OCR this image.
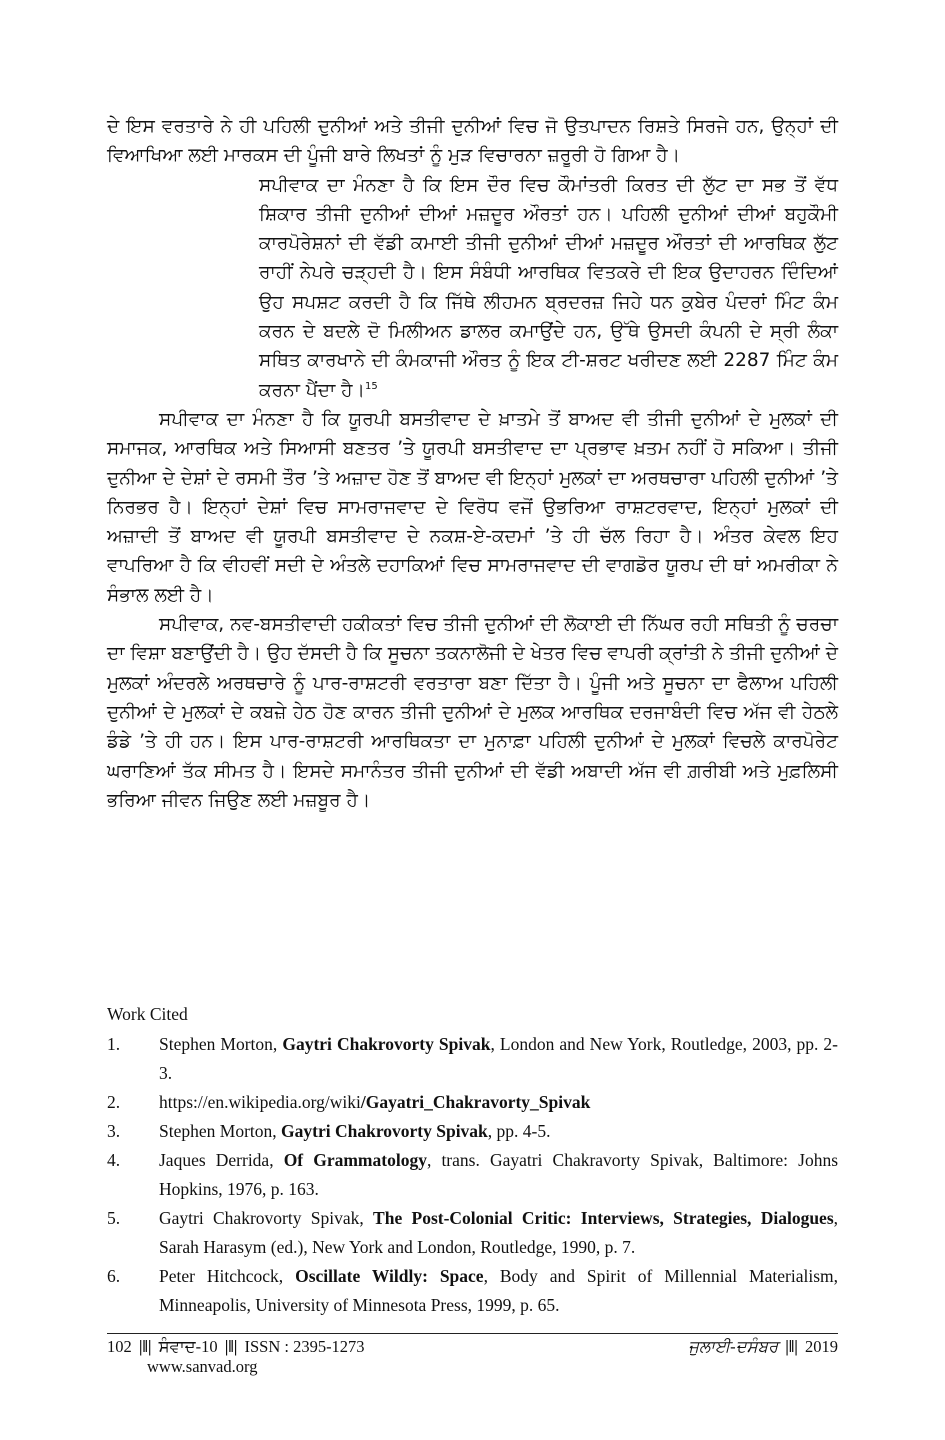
ਦੇ ਇਸ ਵਰਤਾਰੇ ਨੇ ਹੀ ਪਹਿਲੀ ਦੁਨੀਆਂ ਅਤੇ ਤੀਜੀ ਦੁਨੀਆਂ ਵਿਚ ਜੋ ਉਤਪਾਦਨ ਰਿਸ਼ਤੇ ਸਿਰਜੇ ਹਨ, ਉਨ੍ਹਾਂ ਦੀ ਵਿਆਖਿਆ ਲਈ ਮਾਰਕਸ ਦੀ ਪੂੰਜੀ ਬਾਰੇ ਲਿਖਤਾਂ ਨੂੰ ਮੁੜ ਵਿਚਾਰਨਾ ਜ਼ਰੂਰੀ ਹੋ ਗਿਆ ਹੈ।

ਸਪੀਵਾਕ ਦਾ ਮੰਨਣਾ ਹੈ ਕਿ ਇਸ ਦੌਰ ਵਿਚ ਕੌਮਾਂਤਰੀ ਕਿਰਤ ਦੀ ਲੁੱਟ ਦਾ ਸਭ ਤੋਂ ਵੱਧ ਸ਼ਿਕਾਰ ਤੀਜੀ ਦੁਨੀਆਂ ਦੀਆਂ ਮਜ਼ਦੂਰ ਔਰਤਾਂ ਹਨ। ਪਹਿਲੀ ਦੁਨੀਆਂ ਦੀਆਂ ਬਹੁਕੌਮੀ ਕਾਰਪੋਰੇਸ਼ਨਾਂ ਦੀ ਵੱਡੀ ਕਮਾਈ ਤੀਜੀ ਦੁਨੀਆਂ ਦੀਆਂ ਮਜ਼ਦੂਰ ਔਰਤਾਂ ਦੀ ਆਰਥਿਕ ਲੁੱਟ ਰਾਹੀਂ ਨੇਪਰੇ ਚੜ੍ਹਦੀ ਹੈ। ਇਸ ਸੰਬੰਧੀ ਆਰਥਿਕ ਵਿਤਕਰੇ ਦੀ ਇਕ ਉਦਾਹਰਨ ਦਿੰਦਿਆਂ ਉਹ ਸਪਸ਼ਟ ਕਰਦੀ ਹੈ ਕਿ ਜਿੱਥੇ ਲੀਹਮਨ ਬ੍ਰਦਰਜ਼ ਜਿਹੇ ਧਨ ਕੁਬੇਰ ਪੰਦਰਾਂ ਮਿੰਟ ਕੰਮ ਕਰਨ ਦੇ ਬਦਲੇ ਦੋ ਮਿਲੀਅਨ ਡਾਲਰ ਕਮਾਉਂਦੇ ਹਨ, ਉੱਥੇ ਉਸਦੀ ਕੰਪਨੀ ਦੇ ਸ੍ਰੀ ਲੰਕਾ ਸਥਿਤ ਕਾਰਖਾਨੇ ਦੀ ਕੰਮਕਾਜੀ ਔਰਤ ਨੂੰ ਇਕ ਟੀ-ਸ਼ਰਟ ਖਰੀਦਣ ਲਈ 2287 ਮਿੰਟ ਕੰਮ ਕਰਨਾ ਪੈਂਦਾ ਹੈ।$^{15}$

ਸਪੀਵਾਕ ਦਾ ਮੰਨਣਾ ਹੈ ਕਿ ਯੂਰਪੀ ਬਸਤੀਵਾਦ ਦੇ ਖ਼ਾਤਮੇ ਤੋਂ ਬਾਅਦ ਵੀ ਤੀਜੀ ਦੁਨੀਆਂ ਦੇ ਮੁਲਕਾਂ ਦੀ ਸਮਾਜਕ, ਆਰਥਿਕ ਅਤੇ ਸਿਆਸੀ ਬਣਤਰ ’ਤੇ ਯੂਰਪੀ ਬਸਤੀਵਾਦ ਦਾ ਪ੍ਰਭਾਵ ਖ਼ਤਮ ਨਹੀਂ ਹੋ ਸਕਿਆ। ਤੀਜੀ ਦੁਨੀਆ ਦੇ ਦੇਸ਼ਾਂ ਦੇ ਰਸਮੀ ਤੌਰ ’ਤੇ ਅਜ਼ਾਦ ਹੋਣ ਤੋਂ ਬਾਅਦ ਵੀ ਇਨ੍ਹਾਂ ਮੁਲਕਾਂ ਦਾ ਅਰਥਚਾਰਾ ਪਹਿਲੀ ਦੁਨੀਆਂ ’ਤੇ ਨਿਰਭਰ ਹੈ। ਇਨ੍ਹਾਂ ਦੇਸ਼ਾਂ ਵਿਚ ਸਾਮਰਾਜਵਾਦ ਦੇ ਵਿਰੋਧ ਵਜੋਂ ਉਭਰਿਆ ਰਾਸ਼ਟਰਵਾਦ, ਇਨ੍ਹਾਂ ਮੁਲਕਾਂ ਦੀ ਅਜ਼ਾਦੀ ਤੋਂ ਬਾਅਦ ਵੀ ਯੂਰਪੀ ਬਸਤੀਵਾਦ ਦੇ ਨਕਸ਼-ਏ-ਕਦਮਾਂ ’ਤੇ ਹੀ ਚੱਲ ਰਿਹਾ ਹੈ। ਅੰਤਰ ਕੇਵਲ ਇਹ ਵਾਪਰਿਆ ਹੈ ਕਿ ਵੀਹਵੀਂ ਸਦੀ ਦੇ ਅੰਤਲੇ ਦਹਾਕਿਆਂ ਵਿਚ ਸਾਮਰਾਜਵਾਦ ਦੀ ਵਾਗਡੋਰ ਯੂਰਪ ਦੀ ਥਾਂ ਅਮਰੀਕਾ ਨੇ ਸੰਭਾਲ ਲਈ ਹੈ।

ਸਪੀਵਾਕ, ਨਵ-ਬਸਤੀਵਾਦੀ ਹਕੀਕਤਾਂ ਵਿਚ ਤੀਜੀ ਦੁਨੀਆਂ ਦੀ ਲੋਕਾਈ ਦੀ ਨਿੱਘਰ ਰਹੀ ਸਥਿਤੀ ਨੂੰ ਚਰਚਾ ਦਾ ਵਿਸ਼ਾ ਬਣਾਉਂਦੀ ਹੈ। ਉਹ ਦੱਸਦੀ ਹੈ ਕਿ ਸੂਚਨਾ ਤਕਨਾਲੋਜੀ ਦੇ ਖੇਤਰ ਵਿਚ ਵਾਪਰੀ ਕ੍ਰਾਂਤੀ ਨੇ ਤੀਜੀ ਦੁਨੀਆਂ ਦੇ ਮੁਲਕਾਂ ਅੰਦਰਲੇ ਅਰਥਚਾਰੇ ਨੂੰ ਪਾਰ-ਰਾਸ਼ਟਰੀ ਵਰਤਾਰਾ ਬਣਾ ਦਿੱਤਾ ਹੈ। ਪੂੰਜੀ ਅਤੇ ਸੂਚਨਾ ਦਾ ਫੈਲਾਅ ਪਹਿਲੀ ਦੁਨੀਆਂ ਦੇ ਮੁਲਕਾਂ ਦੇ ਕਬਜ਼ੇ ਹੇਠ ਹੋਣ ਕਾਰਨ ਤੀਜੀ ਦੁਨੀਆਂ ਦੇ ਮੁਲਕ ਆਰਥਿਕ ਦਰਜਾਬੰਦੀ ਵਿਚ ਅੱਜ ਵੀ ਹੇਠਲੇ ਡੰਡੇ ’ਤੇ ਹੀ ਹਨ। ਇਸ ਪਾਰ-ਰਾਸ਼ਟਰੀ ਆਰਥਿਕਤਾ ਦਾ ਮੁਨਾਫ਼ਾ ਪਹਿਲੀ ਦੁਨੀਆਂ ਦੇ ਮੁਲਕਾਂ ਵਿਚਲੇ ਕਾਰਪੋਰੇਟ ਘਰਾਣਿਆਂ ਤੱਕ ਸੀਮਤ ਹੈ। ਇਸਦੇ ਸਮਾਨੰਤਰ ਤੀਜੀ ਦੁਨੀਆਂ ਦੀ ਵੱਡੀ ਅਬਾਦੀ ਅੱਜ ਵੀ ਗ਼ਰੀਬੀ ਅਤੇ ਮੁਫ਼ਲਿਸੀ ਭਰਿਆ ਜੀਵਨ ਜਿਉਣ ਲਈ ਮਜ਼ਬੂਰ ਹੈ।

Work Cited
1.	Stephen Morton, Gaytri Chakrovorty Spivak, London and New York, Routledge, 2003, pp. 2-3.
2.	https://en.wikipedia.org/wiki/Gayatri_Chakravorty_Spivak
3.	Stephen Morton, Gaytri Chakrovorty Spivak, pp. 4-5.
4.	Jaques Derrida, Of Grammatology, trans. Gayatri Chakravorty Spivak, Baltimore: Johns Hopkins, 1976, p. 163.
5.	Gaytri Chakrovorty Spivak, The Post-Colonial Critic: Interviews, Strategies, Dialogues, Sarah Harasym (ed.), New York and London, Routledge, 1990, p. 7.
6.	Peter Hitchcock, Oscillate Wildly: Space, Body and Spirit of Millennial Materialism, Minneapolis, University of Minnesota Press, 1999, p. 65.
102 |‖| ਸੰਵਾਦ-10 |‖| ISSN : 2395-1273
www.sanvad.org
ਜੁਲਾਈ-ਦਸੰਬਰ |‖| 2019
